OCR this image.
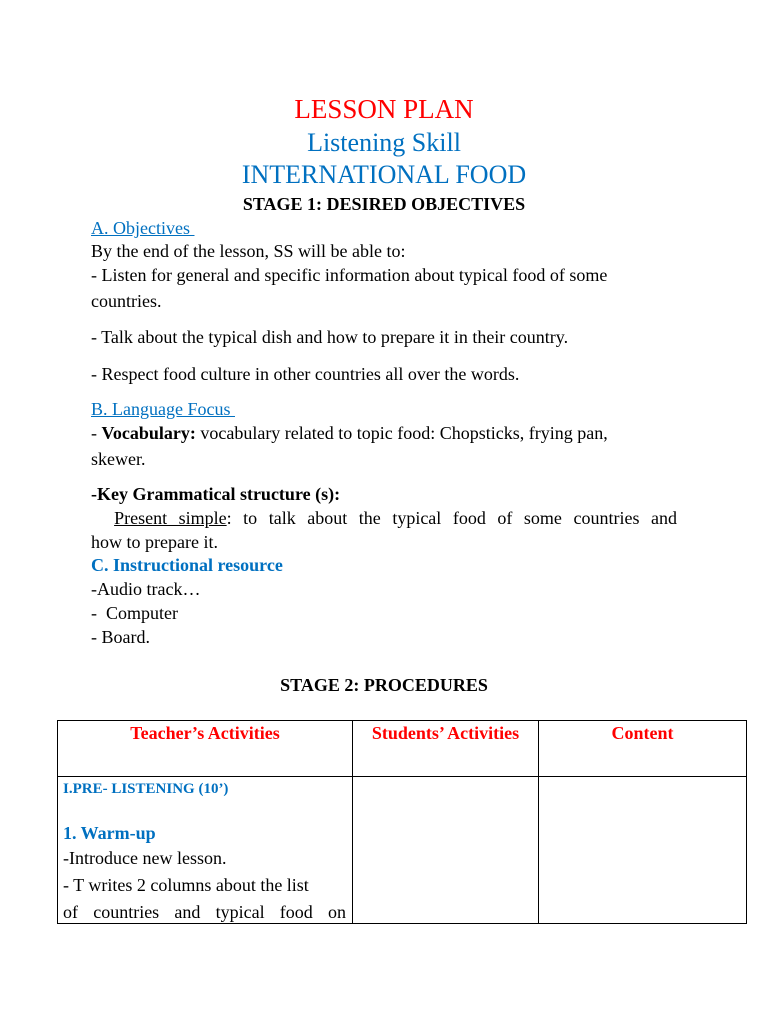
LESSON PLAN
Listening Skill
INTERNATIONAL FOOD
STAGE 1: DESIRED OBJECTIVES
A. Objectives
By the end of the lesson, SS will be able to:
- Listen for general and specific information about typical food of some
countries.
- Talk about the typical dish and how to prepare it in their country.
- Respect food culture in other countries all over the words.
B. Language Focus
- Vocabulary: vocabulary related to topic food: Chopsticks, frying pan,
skewer.
-Key Grammatical structure (s):
Present simple: to talk about the typical food of some countries and
how to prepare it.
C. Instructional resource
-Audio track…
-  Computer
- Board.
STAGE 2: PROCEDURES
Teacher’s Activities	Students’ Activities	Content

I.PRE- LISTENING (10’)
1. Warm-up
-Introduce new lesson.
- T writes 2 columns about the list
of countries and typical food on		
